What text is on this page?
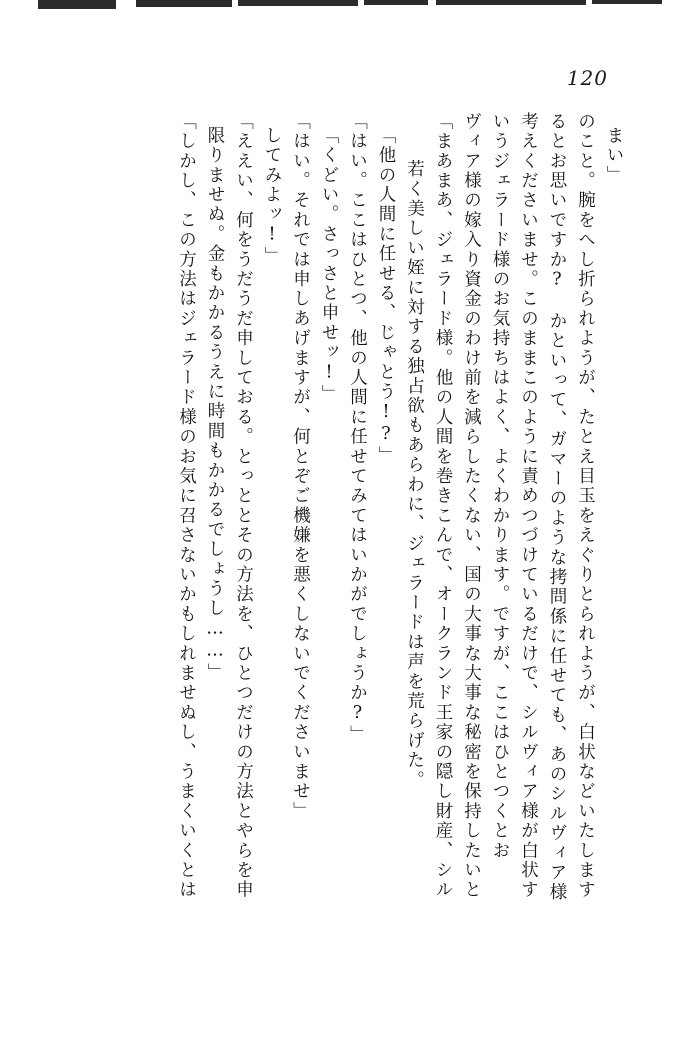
120
「しかし、この方法はジェラード様のお気に召さないかもしれませぬし、うまくいくとは 限りませぬ。金もかかるうえに時間もかかるでしょうし……」 「ええい、何をうだうだ申しておる。とっととその方法を、ひとつだけの方法とやらを申 してみよッ!」 「はい。それでは申しあげますが、何とぞご機嫌を悪くしないでくださいませ」 「くどい。さっさと申せッ!」 「はい。ここはひとつ、他の人間に任せてみてはいかがでしょうか?」 「他の人間に任せる、じゃとう!?」 　若く美しい姪に対する独占欲もあらわに、ジェラードは声を荒らげた。 「まあまあ、ジェラード様。他の人間を巻きこんで、オークランド王家の隠し財産、シル ヴィア様の嫁入り資金のわけ前を減らしたくない、国の大事な大事な秘密を保持したいと いうジェラード様のお気持ちはよく、よくわかります。ですが、ここはひとつくとお 考えくださいませ。このままこのように責めつづけているだけで、シルヴィア様が白状す るとお思いですか?　かといって、ガマーのような拷問係に任せても、あのシルヴィア様 のこと。腕をへし折られようが、たとえ目玉をえぐりとられようが、白状などいたします まい」
